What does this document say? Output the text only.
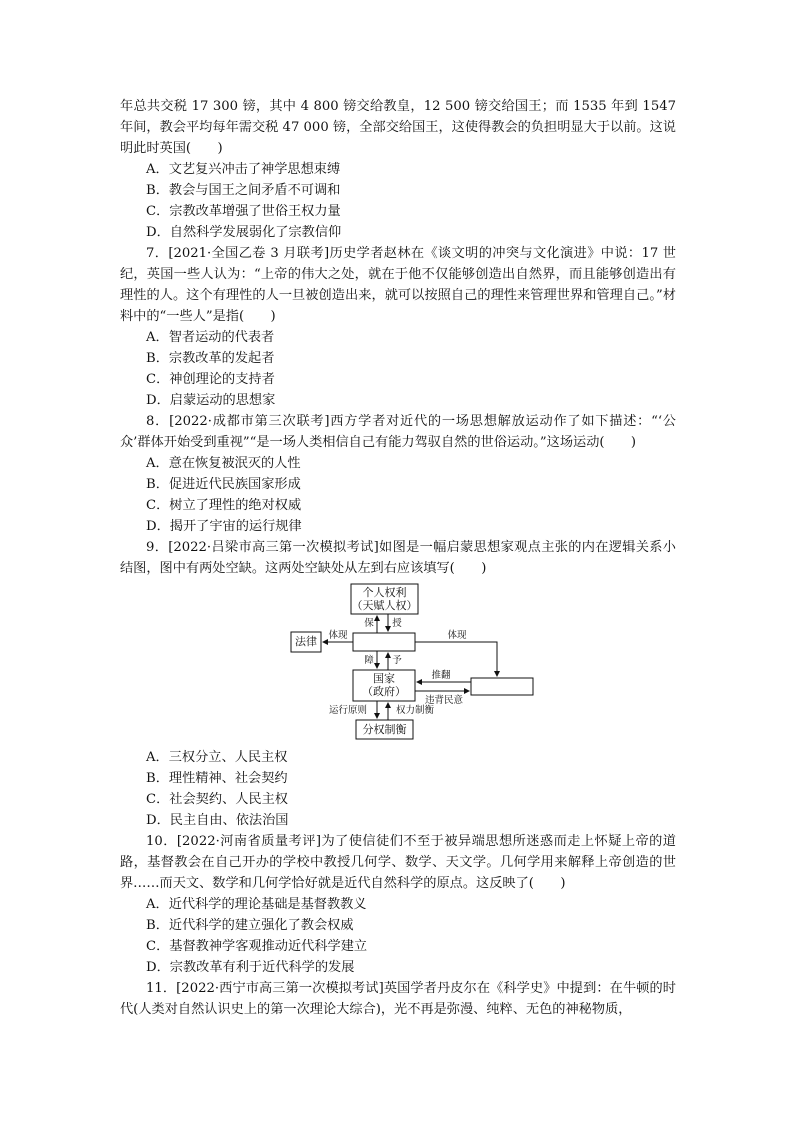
年总共交税 17 300 镑，其中 4 800 镑交给教皇，12 500 镑交给国王；而 1535 年到 1547 年间，教会平均每年需交税 47 000 镑，全部交给国王，这使得教会的负担明显大于以前。这说明此时英国(　　)

A．文艺复兴冲击了神学思想束缚

B．教会与国王之间矛盾不可调和

C．宗教改革增强了世俗王权力量

D．自然科学发展弱化了宗教信仰

7．[2021·全国乙卷 3 月联考]历史学者赵林在《谈文明的冲突与文化演进》中说：17 世纪，英国一些人认为：“上帝的伟大之处，就在于他不仅能够创造出自然界，而且能够创造出有理性的人。这个有理性的人一旦被创造出来，就可以按照自己的理性来管理世界和管理自己。”材料中的“一些人”是指(　　)

A．智者运动的代表者

B．宗教改革的发起者

C．神创理论的支持者

D．启蒙运动的思想家

8．[2022·成都市第三次联考]西方学者对近代的一场思想解放运动作了如下描述：“‘公众’群体开始受到重视”“是一场人类相信自己有能力驾驭自然的世俗运动。”这场运动(　　)

A．意在恢复被泯灭的人性

B．促进近代民族国家形成

C．树立了理性的绝对权威

D．揭开了宇宙的运行规律

9．[2022·吕梁市高三第一次模拟考试]如图是一幅启蒙思想家观点主张的内在逻辑关系小结图，图中有两处空缺。这两处空缺处从左到右应该填写(　　)

个人权利
（天赋人权）
保 授
法律	体现	体现
障 予
国家
（政府）
推翻
违背民意
运行原则	权力制衡
分权制衡

A．三权分立、人民主权

B．理性精神、社会契约

C．社会契约、人民主权

D．民主自由、依法治国

10．[2022·河南省质量考评]为了使信徒们不至于被异端思想所迷惑而走上怀疑上帝的道路，基督教会在自己开办的学校中教授几何学、数学、天文学。几何学用来解释上帝创造的世界……而天文、数学和几何学恰好就是近代自然科学的原点。这反映了(　　)

A．近代科学的理论基础是基督教教义

B．近代科学的建立强化了教会权威

C．基督教神学客观推动近代科学建立

D．宗教改革有利于近代科学的发展

11．[2022·西宁市高三第一次模拟考试]英国学者丹皮尔在《科学史》中提到：在牛顿的时代(人类对自然认识史上的第一次理论大综合)，光不再是弥漫、纯粹、无色的神秘物质，
